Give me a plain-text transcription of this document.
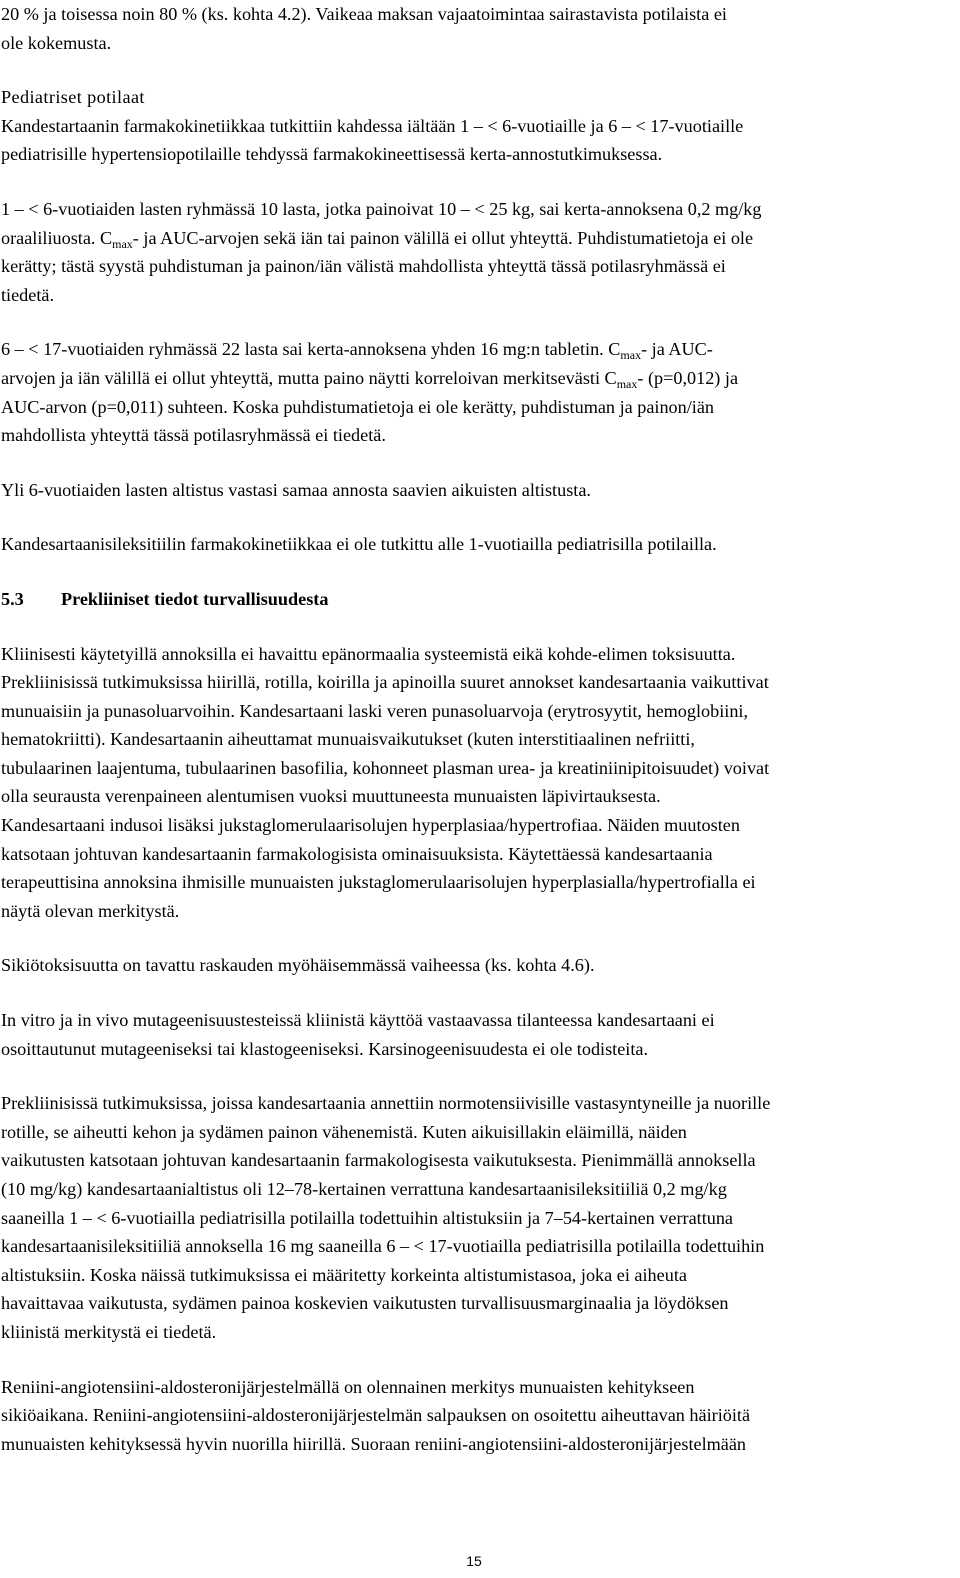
20 % ja toisessa noin 80 % (ks. kohta 4.2). Vaikeaa maksan vajaatoimintaa sairastavista potilaista ei
ole kokemusta.

Pediatriset potilaat
Kandestartaanin farmakokinetiikkaa tutkittiin kahdessa iältään 1 – < 6-vuotiaille ja 6 – < 17-vuotiaille
pediatrisille hypertensiopotilaille tehdyssä farmakokineettisessä kerta-annostutkimuksessa.

1 – < 6-vuotiaiden lasten ryhmässä 10 lasta, jotka painoivat 10 – < 25 kg, sai kerta-annoksena 0,2 mg/kg
oraaliliuosta. $C_{max}-$ ja AUC-arvojen sekä iän tai painon välillä ei ollut yhteyttä. Puhdistumatietoja ei ole
kerätty; tästä syystä puhdistuman ja painon/iän välistä mahdollista yhteyttä tässä potilasryhmässä ei
tiedetä.

6 – < 17-vuotiaiden ryhmässä 22 lasta sai kerta-annoksena yhden 16 mg:n tabletin. $C_{max}-$ ja AUC-
arvojen ja iän välillä ei ollut yhteyttä, mutta paino näytti korreloivan merkitsevästi $C_{max}-$ (p=0,012) ja
AUC-arvon (p=0,011) suhteen. Koska puhdistumatietoja ei ole kerätty, puhdistuman ja painon/iän
mahdollista yhteyttä tässä potilasryhmässä ei tiedetä.

Yli 6-vuotiaiden lasten altistus vastasi samaa annosta saavien aikuisten altistusta.

Kandesartaanisileksitiilin farmakokinetiikkaa ei ole tutkittu alle 1-vuotiailla pediatrisilla potilailla.

5.3 Prekliiniset tiedot turvallisuudesta

Kliinisesti käytetyillä annoksilla ei havaittu epänormaalia systeemistä eikä kohde-elimen toksisuutta.
Prekliinisissä tutkimuksissa hiirillä, rotilla, koirilla ja apinoilla suuret annokset kandesartaania vaikuttivat
munuaisiin ja punasoluarvoihin. Kandesartaani laski veren punasoluarvoja (erytrosyytit, hemoglobiini,
hematokriitti). Kandesartaanin aiheuttamat munuaisvaikutukset (kuten interstitiaalinen nefriitti,
tubulaarinen laajentuma, tubulaarinen basofilia, kohonneet plasman urea- ja kreatiniinipitoisuudet) voivat
olla seurausta verenpaineen alentumisen vuoksi muuttuneesta munuaisten läpivirtauksesta.
Kandesartaani indusoi lisäksi jukstaglomerulaarisolujen hyperplasiaa/hypertrofiaa. Näiden muutosten
katsotaan johtuvan kandesartaanin farmakologisista ominaisuuksista. Käytettäessä kandesartaania
terapeuttisina annoksina ihmisille munuaisten jukstaglomerulaarisolujen hyperplasialla/hypertrofialla ei
näytä olevan merkitystä.

Sikiötoksisuutta on tavattu raskauden myöhäisemmässä vaiheessa (ks. kohta 4.6).

In vitro ja in vivo mutageenisuustesteissä kliinistä käyttöä vastaavassa tilanteessa kandesartaani ei
osoittautunut mutageeniseksi tai klastogeeniseksi. Karsinogeenisuudesta ei ole todisteita.

Prekliinisissä tutkimuksissa, joissa kandesartaania annettiin normotensiivisille vastasyntyneille ja nuorille
rotille, se aiheutti kehon ja sydämen painon vähenemistä. Kuten aikuisillakin eläimillä, näiden
vaikutusten katsotaan johtuvan kandesartaanin farmakologisesta vaikutuksesta. Pienimmällä annoksella
(10 mg/kg) kandesartaanialtistus oli 12–78-kertainen verrattuna kandesartaanisileksitiiliä 0,2 mg/kg
saaneilla 1 – < 6-vuotiailla pediatrisilla potilailla todettuihin altistuksiin ja 7–54-kertainen verrattuna
kandesartaanisileksitiiliä annoksella 16 mg saaneilla 6 – < 17-vuotiailla pediatrisilla potilailla todettuihin
altistuksiin. Koska näissä tutkimuksissa ei määritetty korkeinta altistumistasoa, joka ei aiheuta
havaittavaa vaikutusta, sydämen painoa koskevien vaikutusten turvallisuusmarginaalia ja löydöksen
kliinistä merkitystä ei tiedetä.

Reniini-angiotensiini-aldosteronijärjestelmällä on olennainen merkitys munuaisten kehitykseen
sikiöaikana. Reniini-angiotensiini-aldosteronijärjestelmän salpauksen on osoitettu aiheuttavan häiriöitä
munuaisten kehityksessä hyvin nuorilla hiirillä. Suoraan reniini-angiotensiini-aldosteronijärjestelmään

15
